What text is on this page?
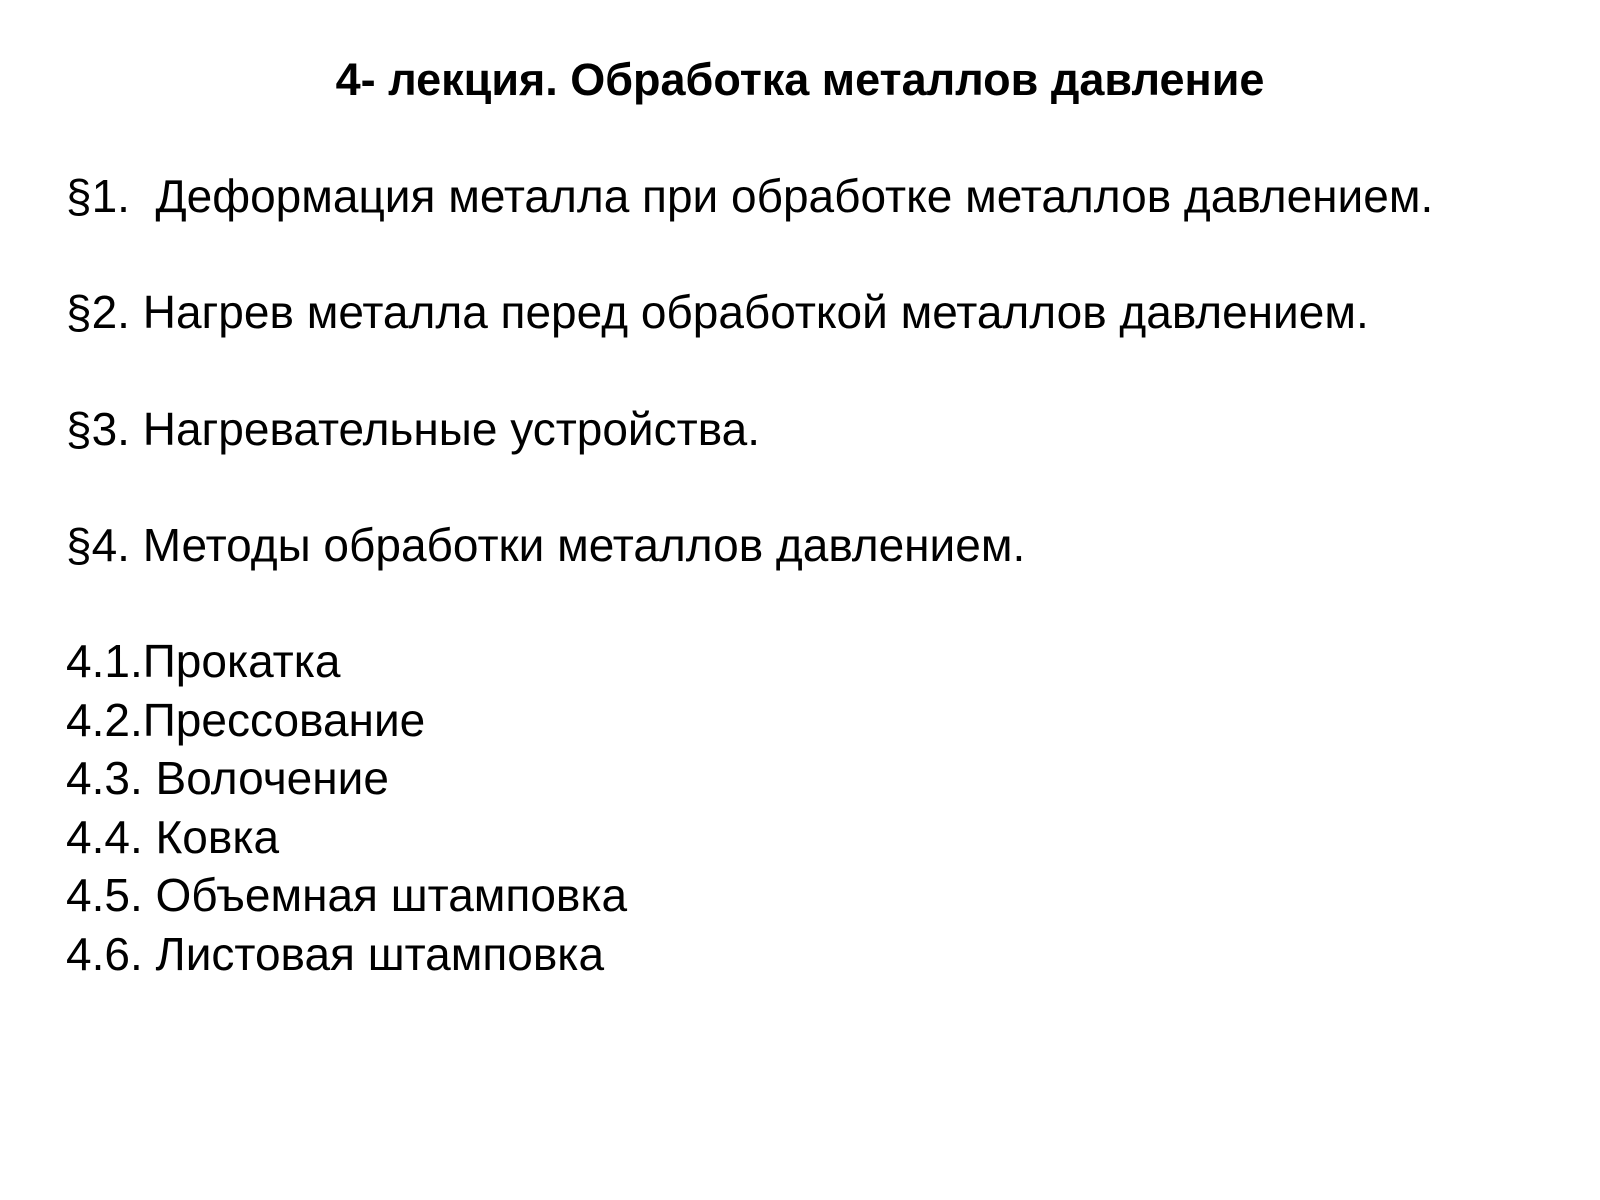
4- лекция. Обработка металлов давление
§1.  Деформация металла при обработке металлов давлением.
§2. Нагрев металла перед обработкой металлов давлением.
§3. Нагревательные устройства.
§4. Методы обработки металлов давлением.
4.1.Прокатка
4.2.Прессование
4.3. Волочение
4.4. Ковка
4.5. Объемная штамповка
4.6. Листовая штамповка
